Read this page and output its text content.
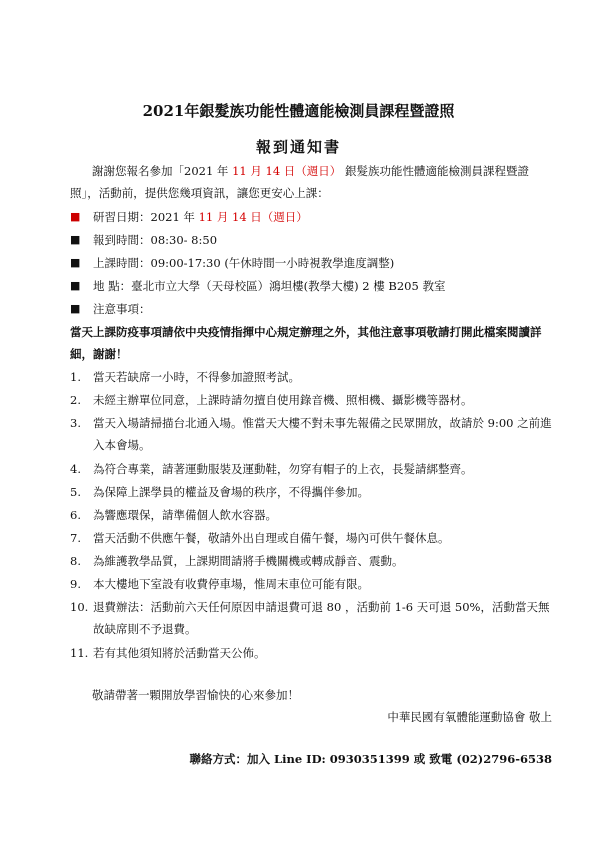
2021年銀髮族功能性體適能檢測員課程暨證照
報到通知書
謝謝您報名參加「2021 年 11 月 14 日（週日） 銀髮族功能性體適能檢測員課程暨證照」，活動前，提供您幾項資訊，讓您更安心上課：
■ 研習日期：2021 年 11 月 14 日（週日）
■ 報到時間：08:30- 8:50
■ 上課時間：09:00-17:30 (午休時間一小時視教學進度調整)
■ 地 點：臺北市立大學（天母校區）鴻坦樓(教學大樓) 2 樓 B205 教室
■ 注意事項：
當天上課防疫事項請依中央疫情指揮中心規定辦理之外，其他注意事項敬請打開此檔案閱讀詳細，謝謝！
1. 當天若缺席一小時，不得參加證照考試。
2. 未經主辦單位同意，上課時請勿擅自使用錄音機、照相機、攝影機等器材。
3. 當天入場請掃描台北通入場。惟當天大樓不對未事先報備之民眾開放，故請於 9:00 之前進入本會場。
4. 為符合專業，請著運動服裝及運動鞋，勿穿有帽子的上衣，長髮請綁整齊。
5. 為保障上課學員的權益及會場的秩序，不得攜伴參加。
6. 為響應環保，請準備個人飲水容器。
7. 當天活動不供應午餐，敬請外出自理或自備午餐，場內可供午餐休息。
8. 為維護教學品質，上課期間請將手機關機或轉成靜音、震動。
9. 本大樓地下室設有收費停車場，惟周末車位可能有限。
10. 退費辦法：活動前六天任何原因申請退費可退 80 ，活動前 1-6 天可退 50%，活動當天無故缺席則不予退費。
11. 若有其他須知將於活動當天公佈。
敬請帶著一顆開放學習愉快的心來參加！
中華民國有氧體能運動協會 敬上
聯絡方式：加入 Line ID: 0930351399 或 致電 (02)2796-6538
